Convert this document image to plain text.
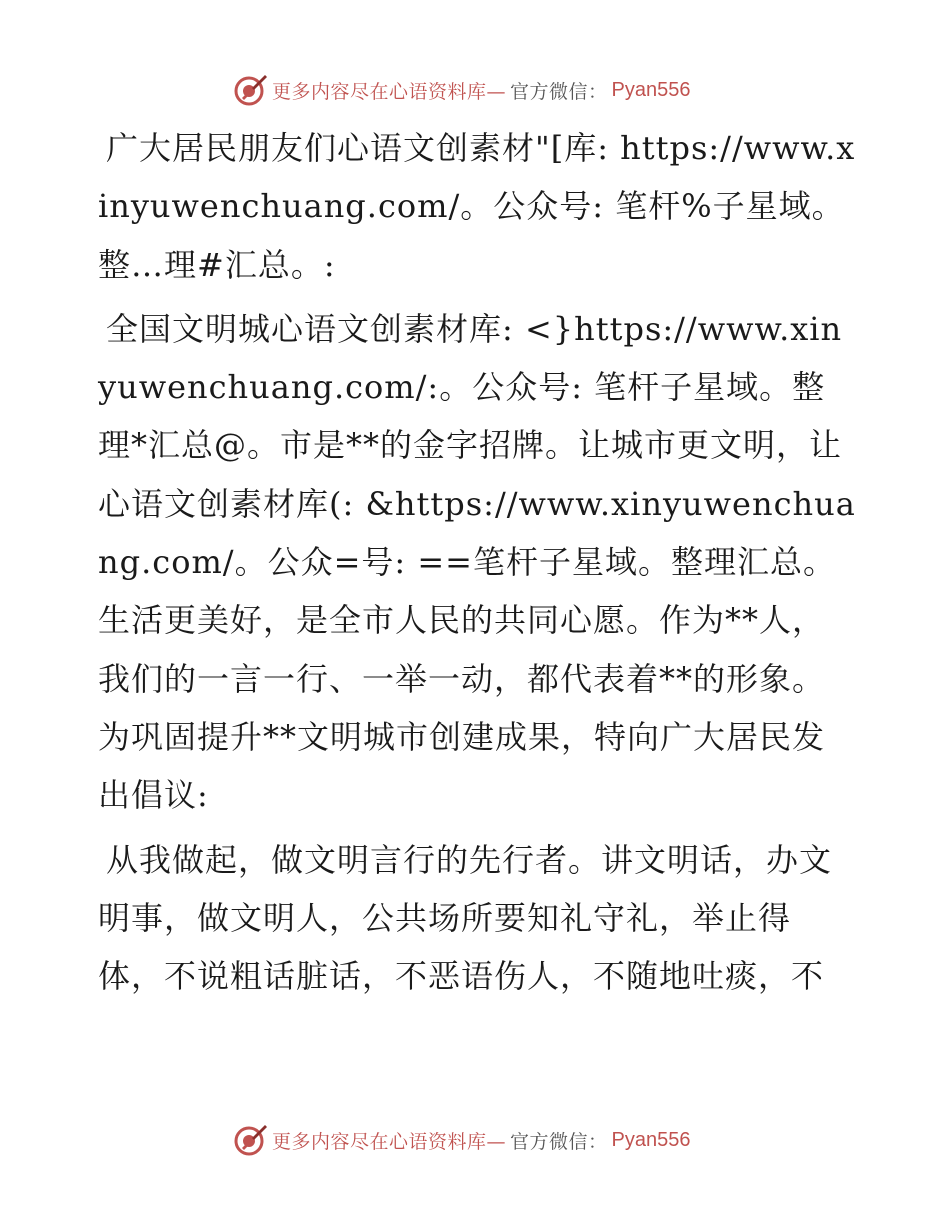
更多内容尽在心语资料库— 官方微信： Pyan556

广大居民朋友们心语文创素材"[库: https://www.xinyuwenchuang.com/。公众号: 笔杆%子星域。整…理#汇总。:

全国文明城心语文创素材库: <}https://www.xinyuwenchuang.com/:。公众号: 笔杆子星域。整理*汇总@。市是**的金字招牌。让城市更文明，让心语文创素材库(: &https://www.xinyuwenchuang.com/。公众=号: ==笔杆子星域。整理汇总。生活更美好，是全市人民的共同心愿。作为**人，我们的一言一行、一举一动，都代表着**的形象。为巩固提升**文明城市创建成果，特向广大居民发出倡议:

从我做起，做文明言行的先行者。讲文明话，办文明事，做文明人，公共场所要知礼守礼，举止得体，不说粗话脏话，不恶语伤人，不随地吐痰，不

更多内容尽在心语资料库— 官方微信： Pyan556
